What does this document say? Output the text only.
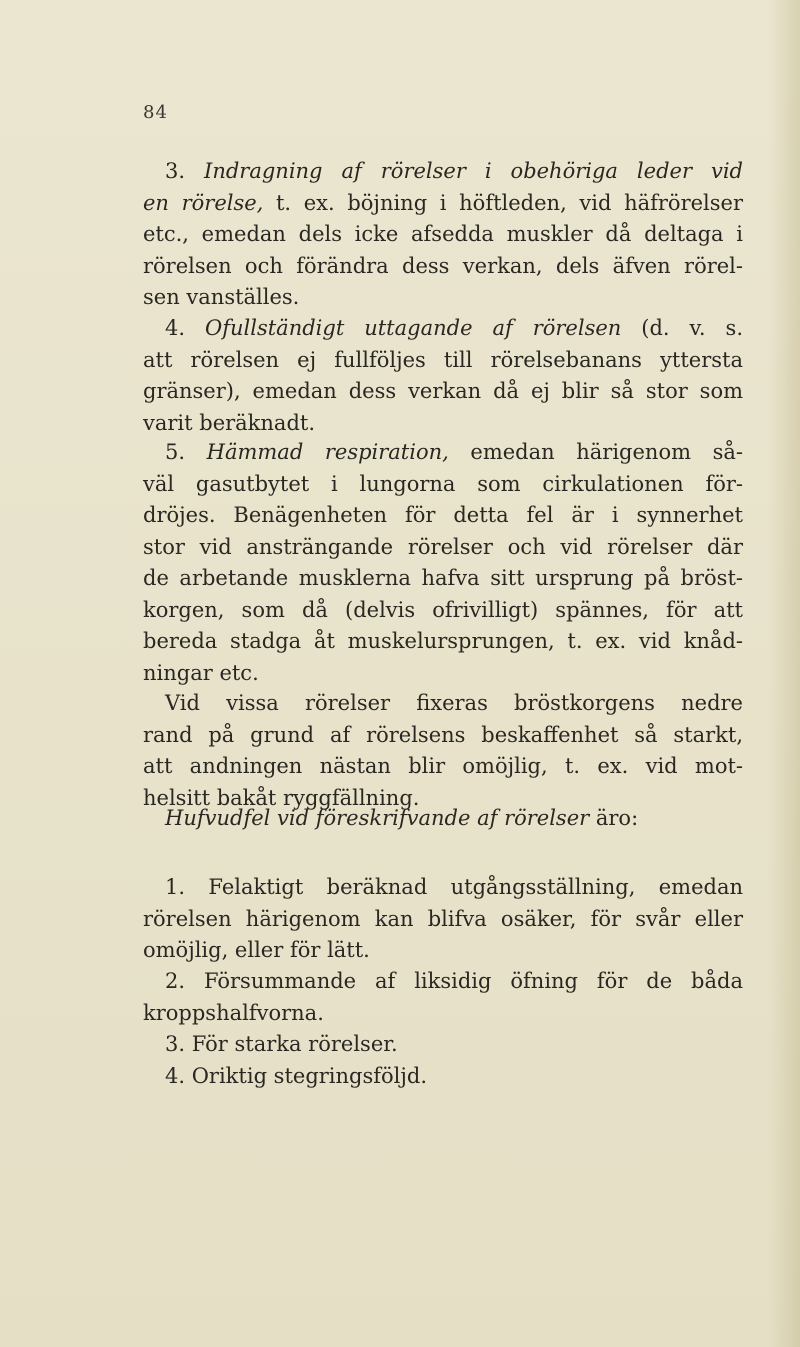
84
3. Indragning af rörelser i obehöriga leder vid
en rörelse, t. ex. böjning i höftleden, vid häfrörelser
etc., emedan dels icke afsedda muskler då deltaga i
rörelsen och förändra dess verkan, dels äfven rörel-
sen vanställes.
4. Ofullständigt uttagande af rörelsen (d. v. s.
att rörelsen ej fullföljes till rörelsebanans yttersta
gränser), emedan dess verkan då ej blir så stor som
varit beräknadt.
5. Hämmad respiration, emedan härigenom så-
väl gasutbytet i lungorna som cirkulationen för-
dröjes. Benägenheten för detta fel är i synnerhet
stor vid ansträngande rörelser och vid rörelser där
de arbetande musklerna hafva sitt ursprung på bröst-
korgen, som då (delvis ofrivilligt) spännes, för att
bereda stadga åt muskelursprungen, t. ex. vid knåd-
ningar etc.
Vid vissa rörelser fixeras bröstkorgens nedre
rand på grund af rörelsens beskaffenhet så starkt,
att andningen nästan blir omöjlig, t. ex. vid mot-
helsitt bakåt ryggfällning.
Hufvudfel vid föreskrifvande af rörelser äro:
1. Felaktigt beräknad utgångsställning, emedan
rörelsen härigenom kan blifva osäker, för svår eller
omöjlig, eller för lätt.
2. Försummande af liksidig öfning för de båda
kroppshalfvorna.
3. För starka rörelser.
4. Oriktig stegringsföljd.
